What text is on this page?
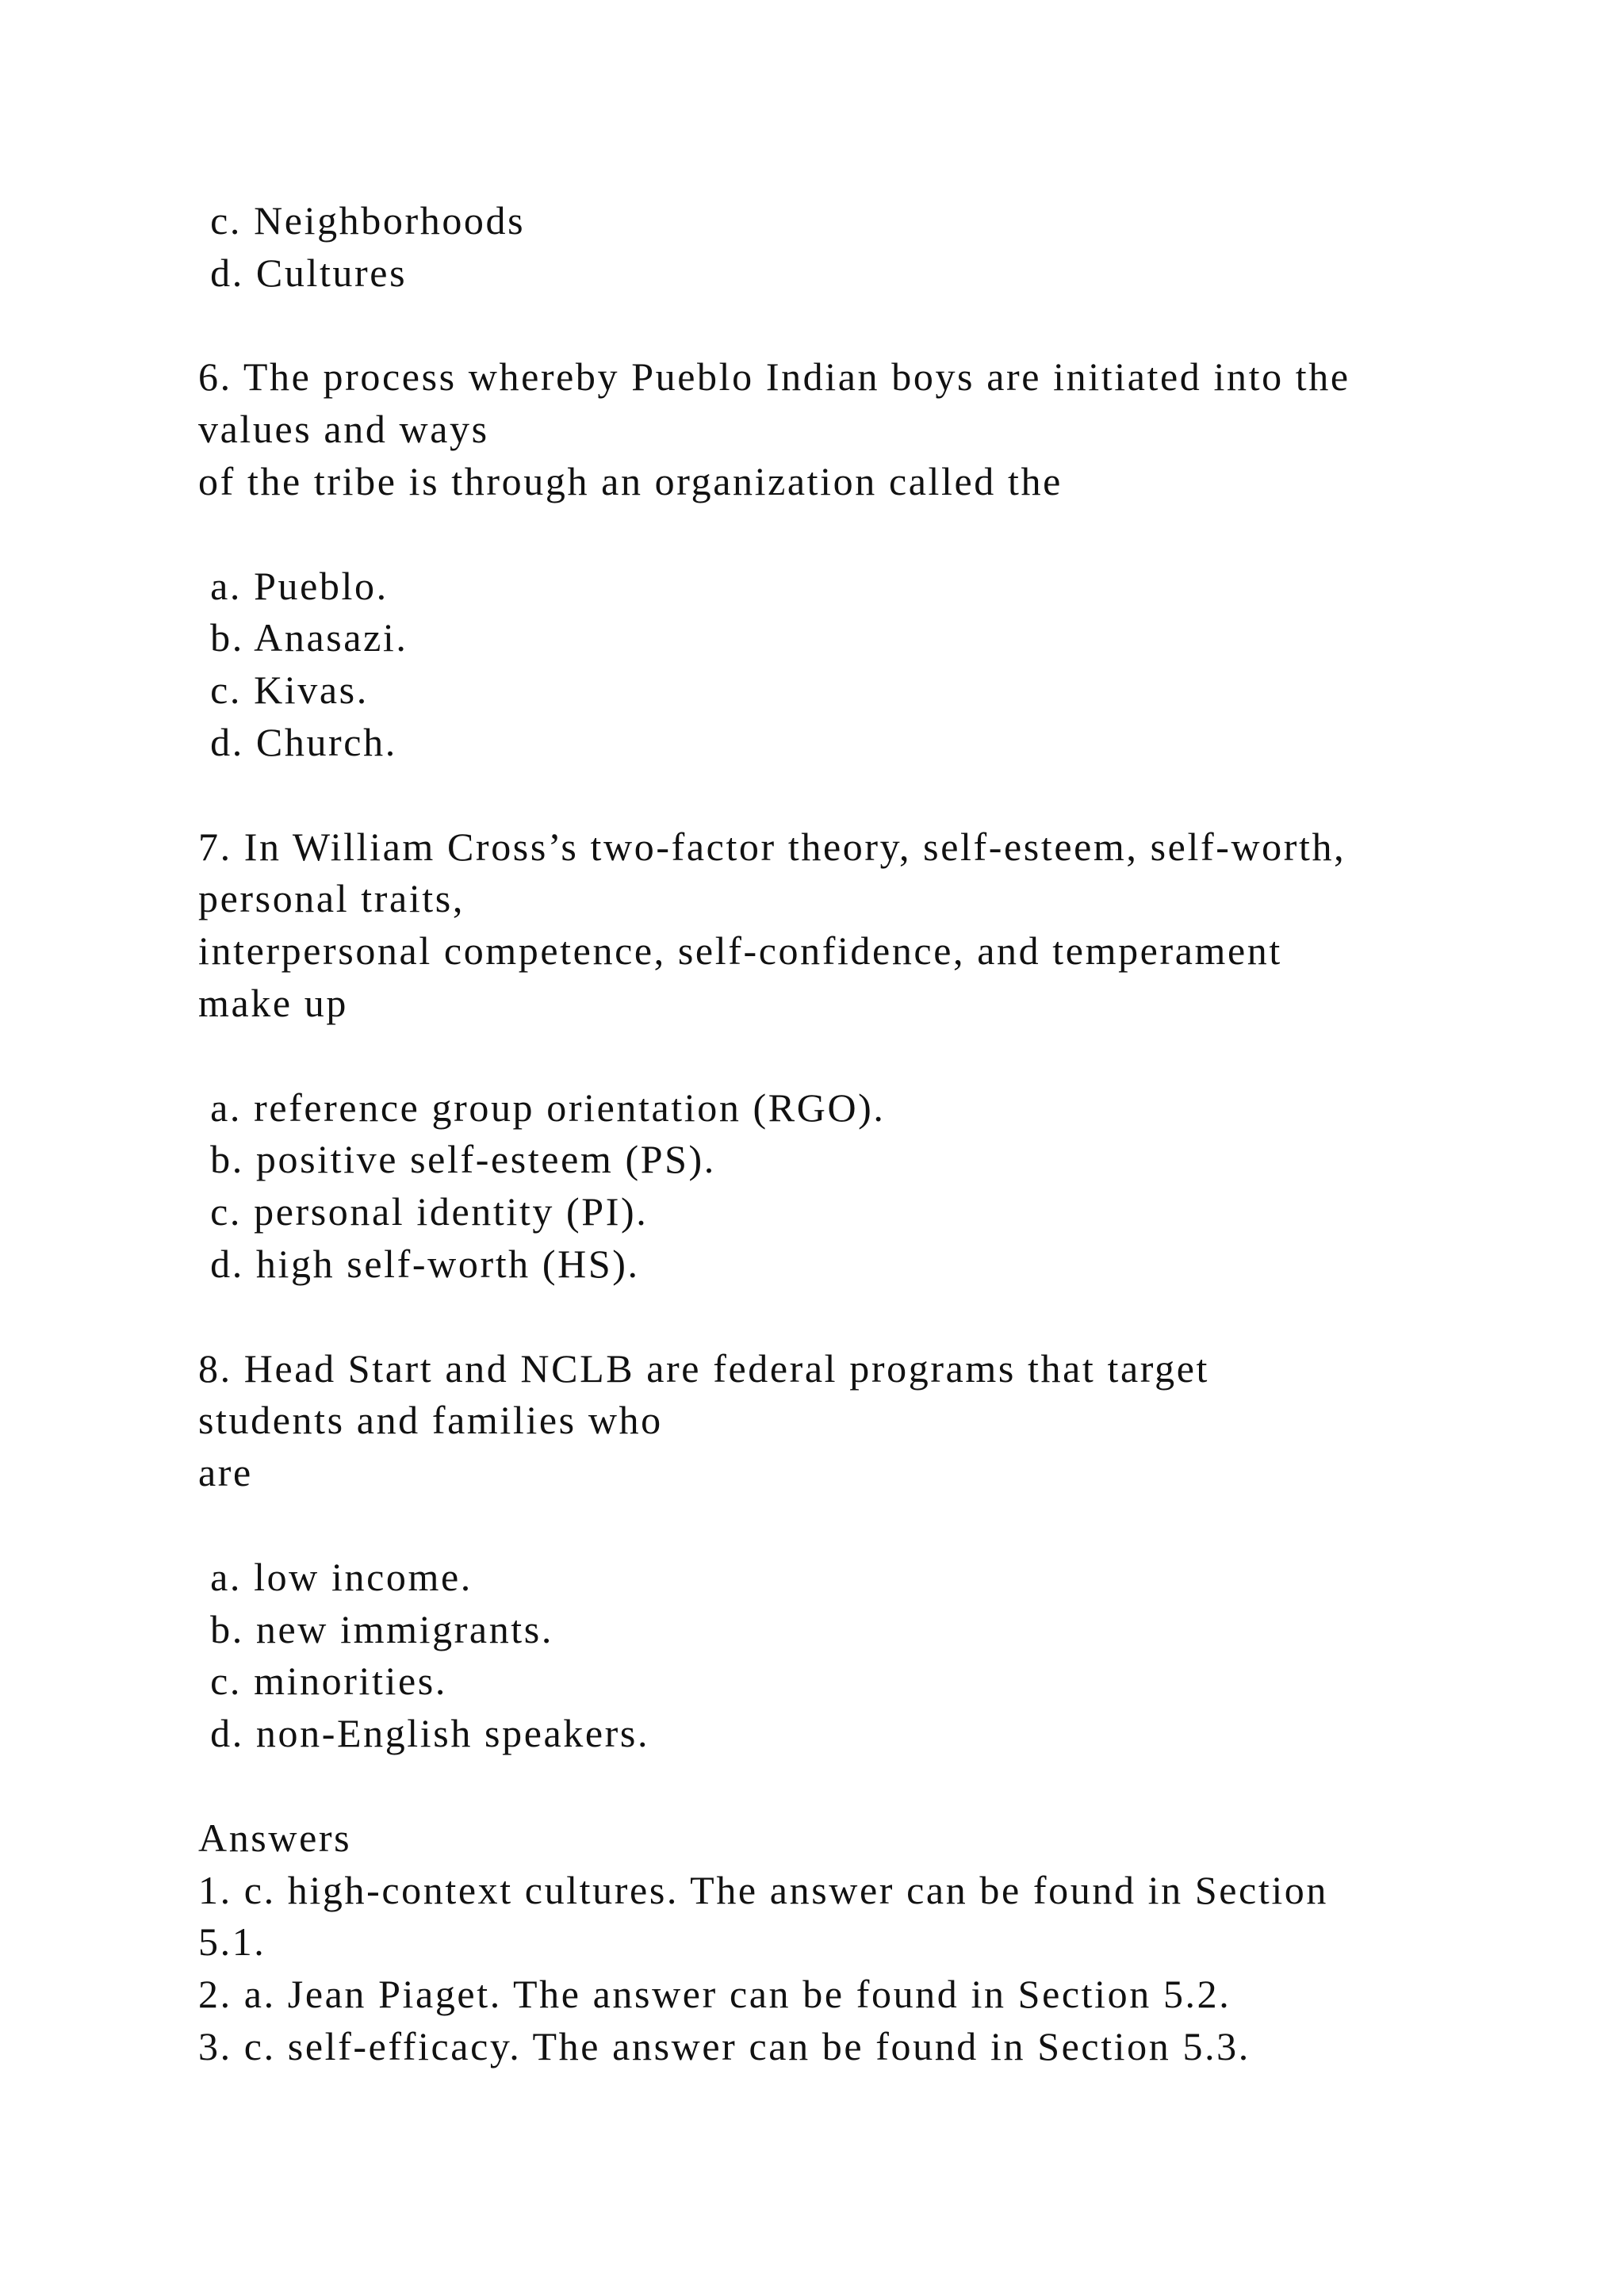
c. Neighborhoods
d. Cultures
6. The process whereby Pueblo Indian boys are initiated into the
values and ways
of the tribe is through an organization called the
a. Pueblo.
b. Anasazi.
c. Kivas.
d. Church.
7. In William Cross’s two-factor theory, self-esteem, self-worth,
personal traits,
interpersonal competence, self-confidence, and temperament
make up
a. reference group orientation (RGO).
b. positive self-esteem (PS).
c. personal identity (PI).
d. high self-worth (HS).
8. Head Start and NCLB are federal programs that target
students and families who
are
a. low income.
b. new immigrants.
c. minorities.
d. non-English speakers.
Answers
1. c. high-context cultures. The answer can be found in Section
5.1.
2. a. Jean Piaget. The answer can be found in Section 5.2.
3. c. self-efficacy. The answer can be found in Section 5.3.
